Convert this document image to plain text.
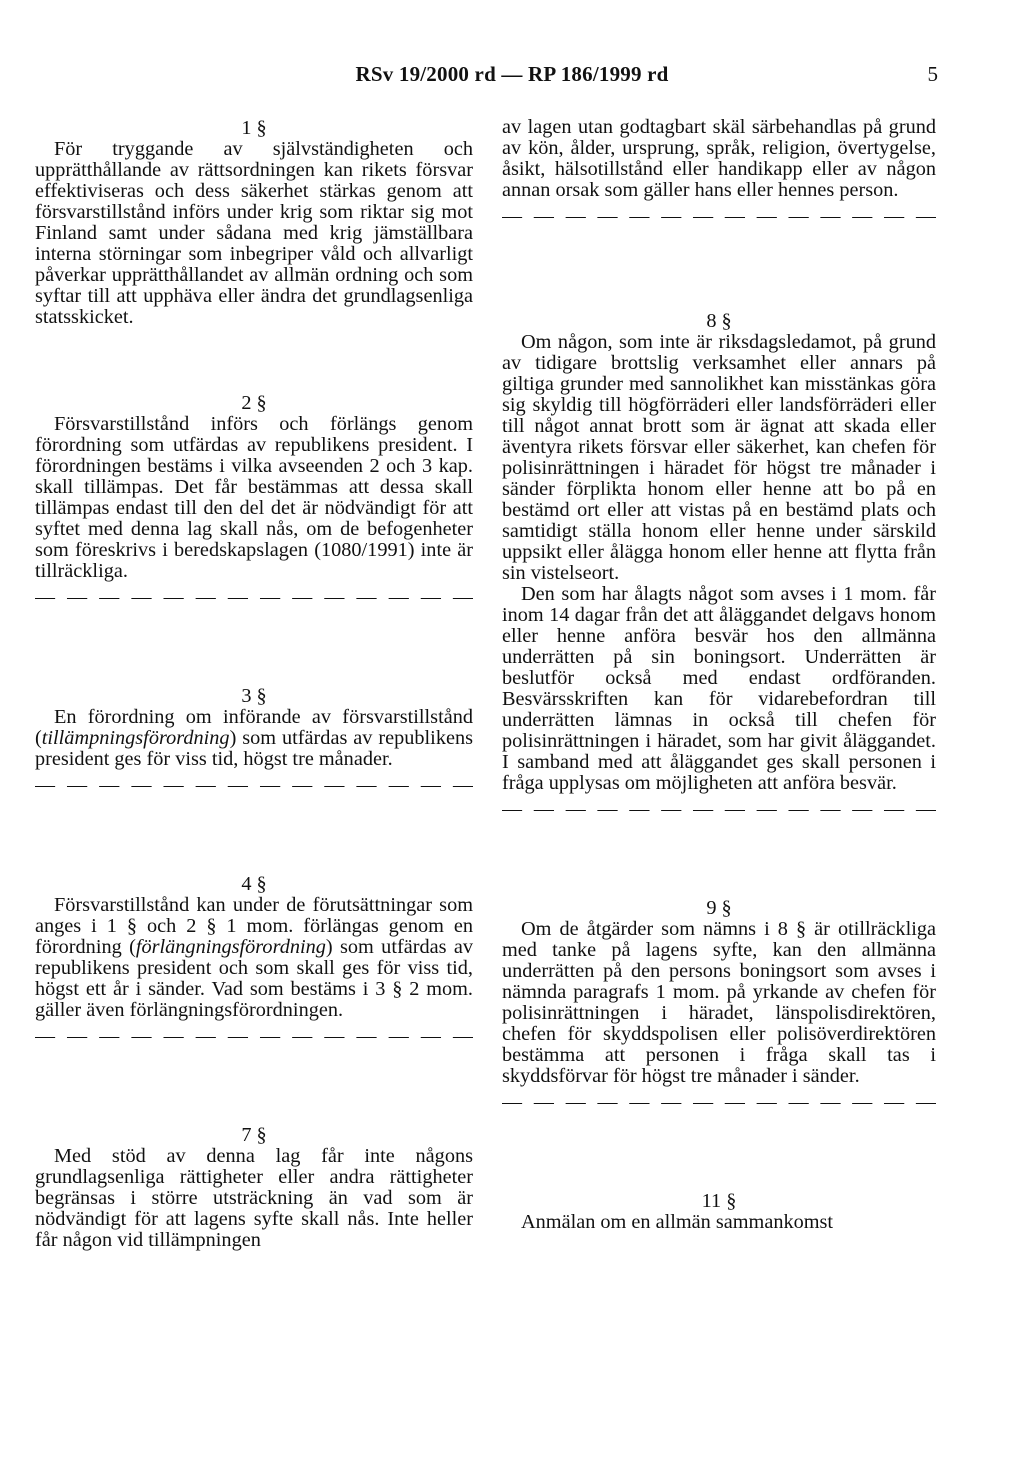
RSv 19/2000 rd — RP 186/1999 rd	5

1 §

För tryggande av självständigheten och upprätthållande av rättsordningen kan rikets försvar effektiviseras och dess säkerhet stärkas genom att försvarstillstånd införs under krig som riktar sig mot Finland samt under sådana med krig jämställbara interna störningar som inbegriper våld och allvarligt påverkar upprätthållandet av allmän ordning och som syftar till att upphäva eller ändra det grundlagsenliga statsskicket.

2 §

Försvarstillstånd införs och förlängs genom förordning som utfärdas av republikens president. I förordningen bestäms i vilka avseenden 2 och 3 kap. skall tillämpas. Det får bestämmas att dessa skall tillämpas endast till den del det är nödvändigt för att syftet med denna lag skall nås, om de befogenheter som föreskrivs i beredskapslagen (1080/1991) inte är tillräckliga.

— — — — — — — — — — — — — —

3 §

En förordning om införande av försvarstillstånd (tillämpningsförordning) som utfärdas av republikens president ges för viss tid, högst tre månader.

— — — — — — — — — — — — — —

4 §

Försvarstillstånd kan under de förutsättningar som anges i 1 § och 2 § 1 mom. förlängas genom en förordning (förlängningsförordning) som utfärdas av republikens president och som skall ges för viss tid, högst ett år i sänder. Vad som bestäms i 3 § 2 mom. gäller även förlängningsförordningen.

— — — — — — — — — — — — — —

7 §

Med stöd av denna lag får inte någons grundlagsenliga rättigheter eller andra rättigheter begränsas i större utsträckning än vad som är nödvändigt för att lagens syfte skall nås. Inte heller får någon vid tillämpningen

av lagen utan godtagbart skäl särbehandlas på grund av kön, ålder, ursprung, språk, religion, övertygelse, åsikt, hälsotillstånd eller handikapp eller av någon annan orsak som gäller hans eller hennes person.

— — — — — — — — — — — — — —

8 §

Om någon, som inte är riksdagsledamot, på grund av tidigare brottslig verksamhet eller annars på giltiga grunder med sannolikhet kan misstänkas göra sig skyldig till högförräderi eller landsförräderi eller till något annat brott som är ägnat att skada eller äventyra rikets försvar eller säkerhet, kan chefen för polisinrättningen i häradet för högst tre månader i sänder förplikta honom eller henne att bo på en bestämd ort eller att vistas på en bestämd plats och samtidigt ställa honom eller henne under särskild uppsikt eller ålägga honom eller henne att flytta från sin vistelseort.

Den som har ålagts något som avses i 1 mom. får inom 14 dagar från det att åläggandet delgavs honom eller henne anföra besvär hos den allmänna underrätten på sin boningsort. Underrätten är beslutför också med endast ordföranden. Besvärsskriften kan för vidarebefordran till underrätten lämnas in också till chefen för polisinrättningen i häradet, som har givit åläggandet. I samband med att åläggandet ges skall personen i fråga upplysas om möjligheten att anföra besvär.

— — — — — — — — — — — — — —

9 §

Om de åtgärder som nämns i 8 § är otillräckliga med tanke på lagens syfte, kan den allmänna underrätten på den persons boningsort som avses i nämnda paragrafs 1 mom. på yrkande av chefen för polisinrättningen i häradet, länspolisdirektören, chefen för skyddspolisen eller polisöverdirektören bestämma att personen i fråga skall tas i skyddsförvar för högst tre månader i sänder.

— — — — — — — — — — — — — —

11 §

Anmälan om en allmän sammankomst
